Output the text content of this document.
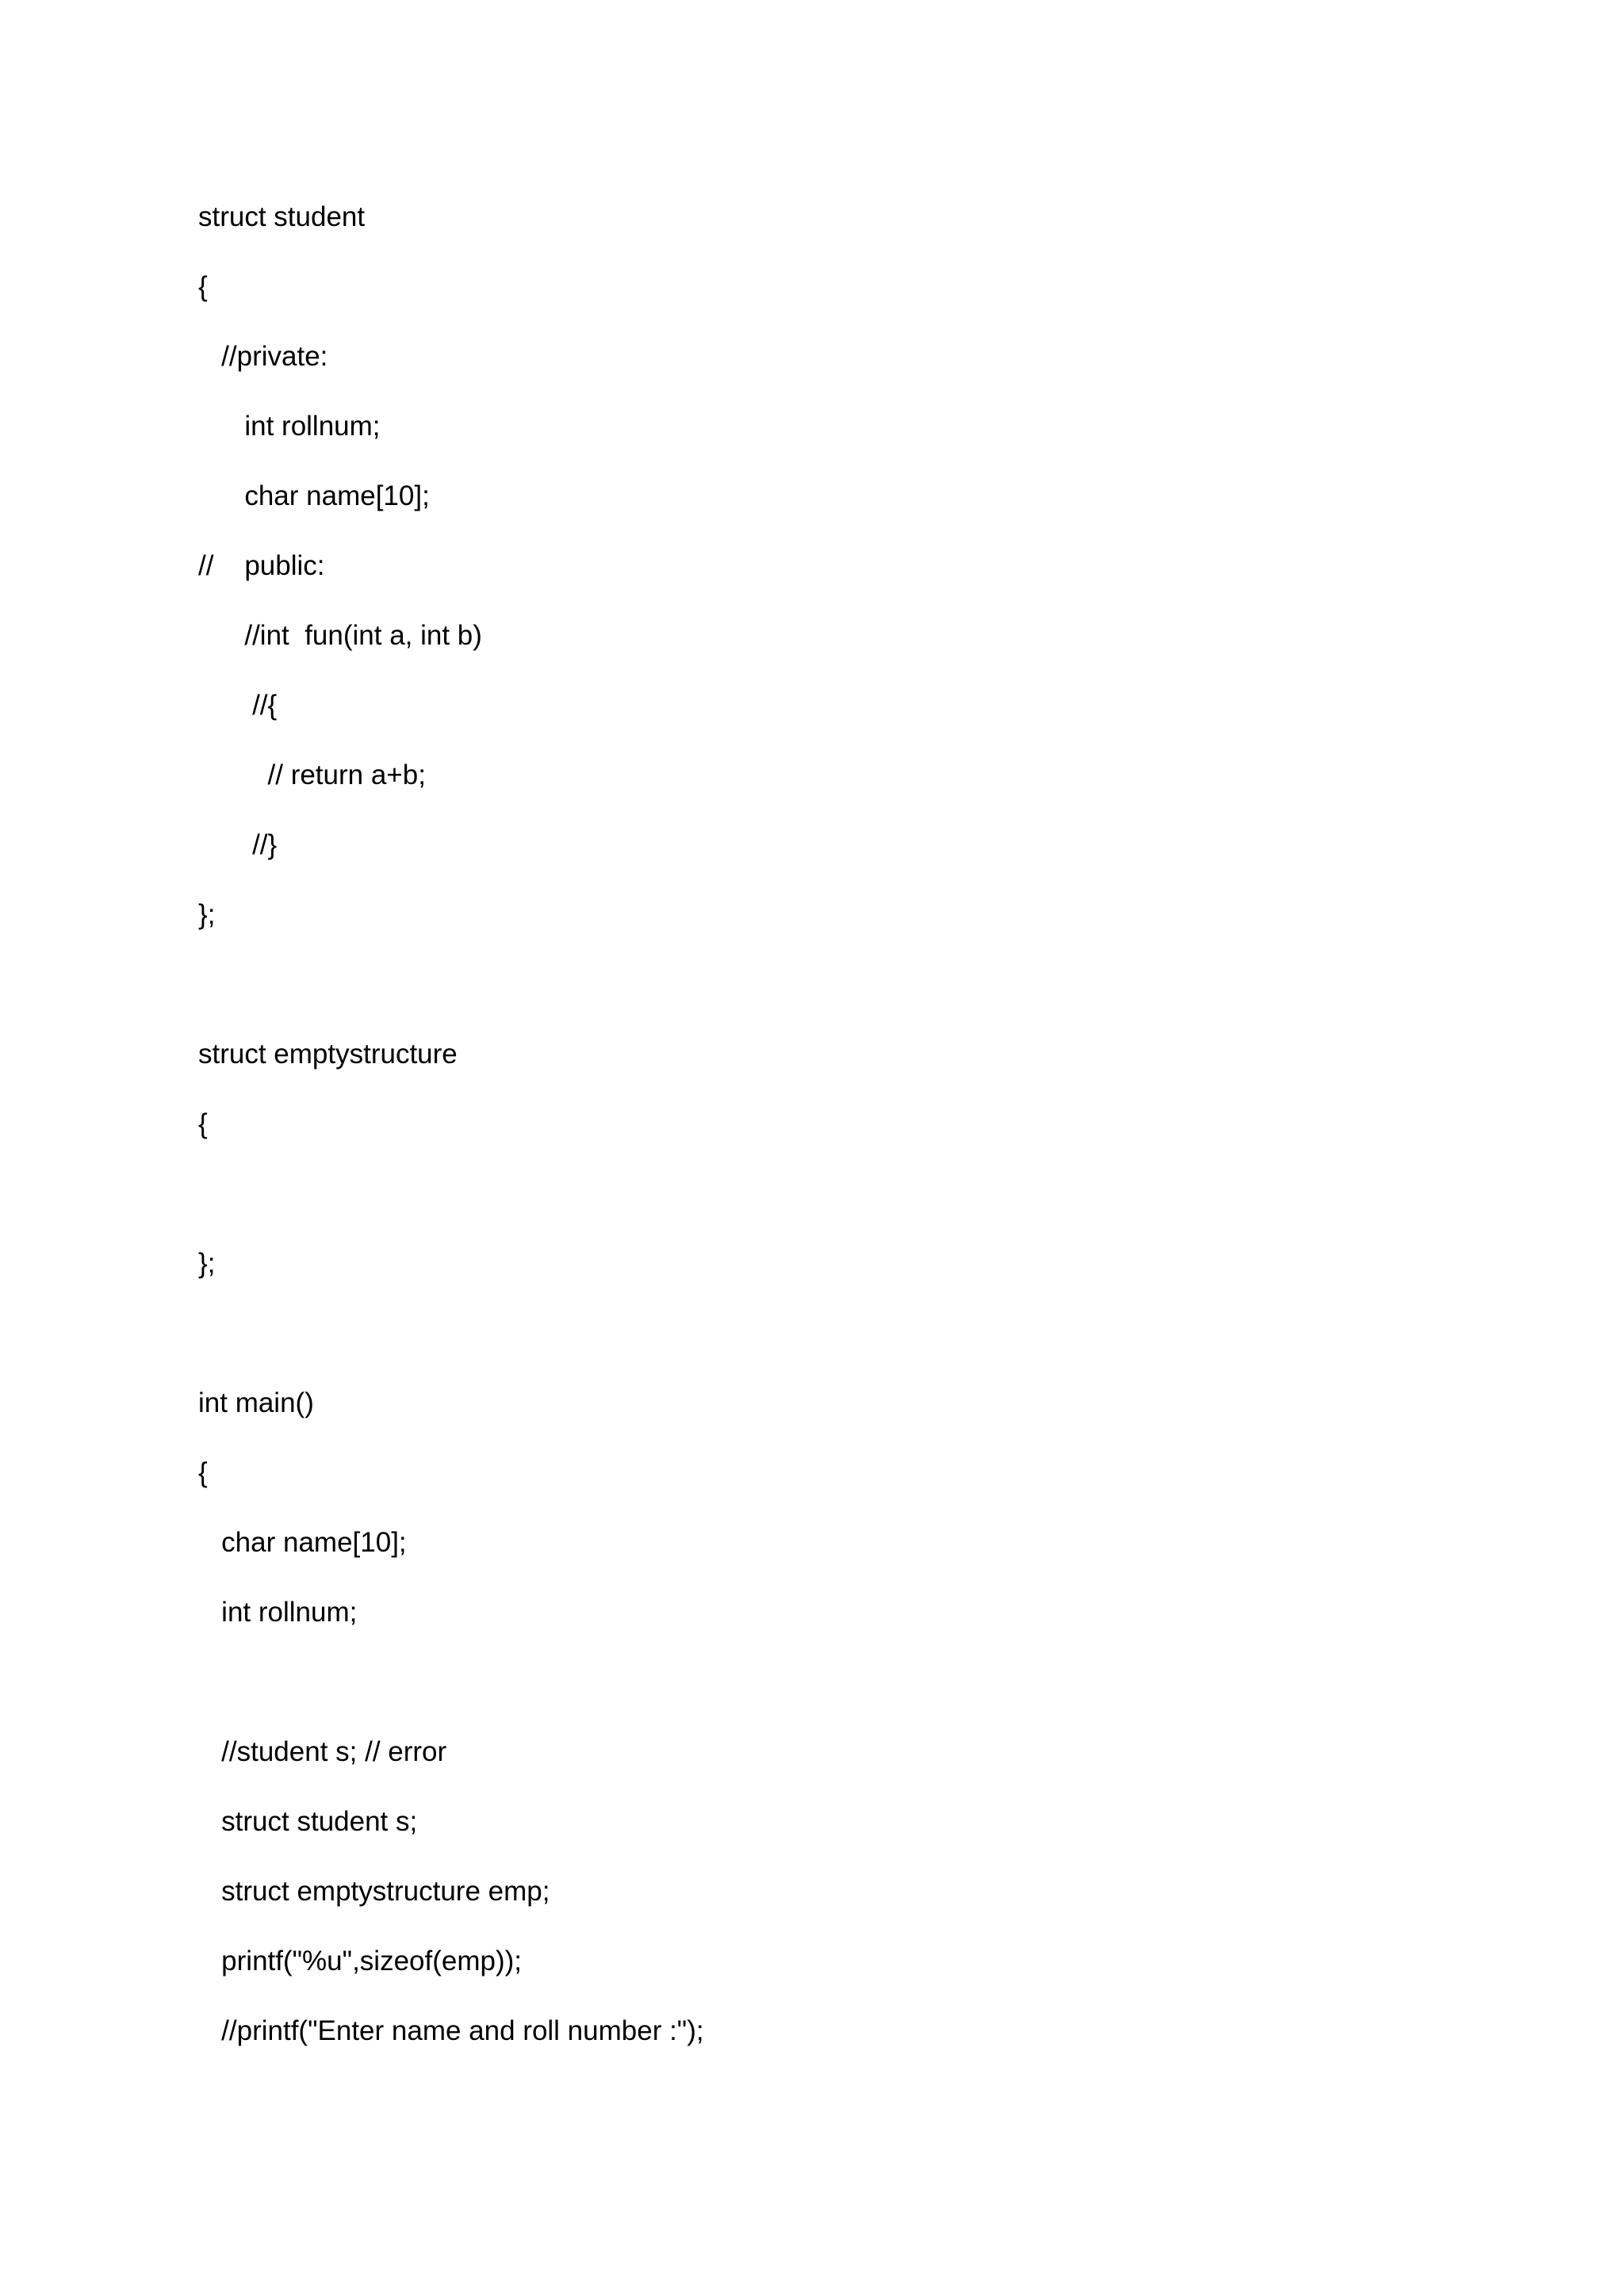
struct student

{

//private:

int rollnum;

char name[10];

//    public:

//int  fun(int a, int b)

//{

// return a+b;

//}

};

struct emptystructure

{

};

int main()

{

char name[10];

int rollnum;

//student s; // error

struct student s;

struct emptystructure emp;

printf("%u",sizeof(emp));

//printf("Enter name and roll number :");
